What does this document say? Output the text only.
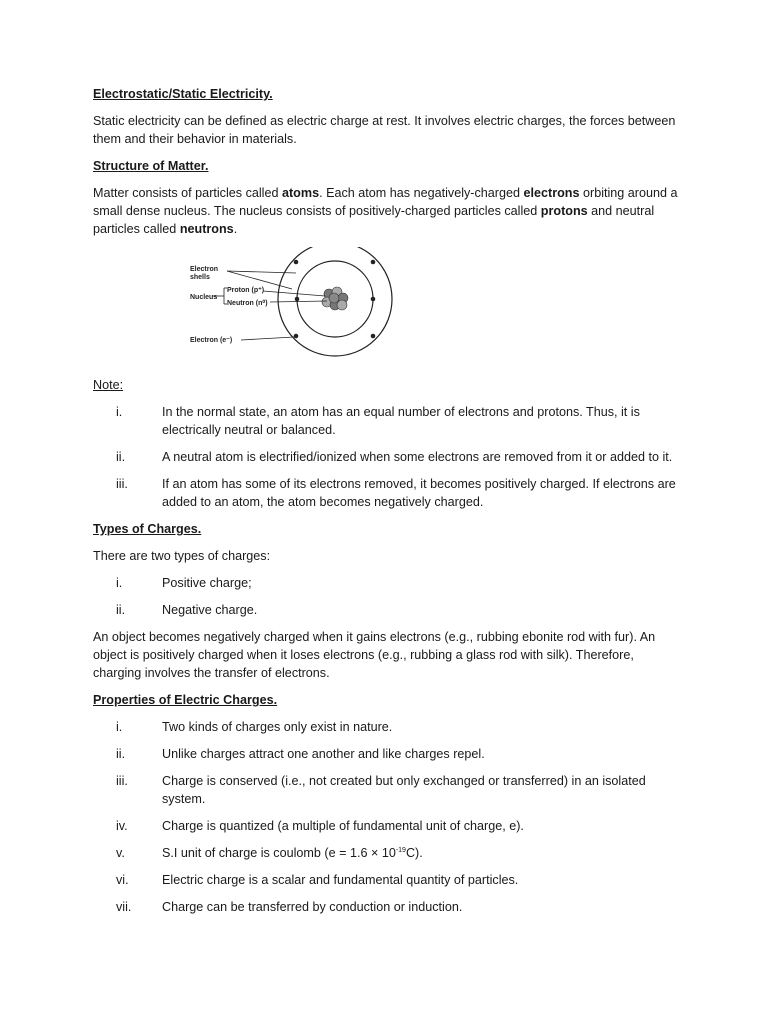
Electrostatic/Static Electricity.
Static electricity can be defined as electric charge at rest. It involves electric charges, the forces between them and their behavior in materials.
Structure of Matter.
Matter consists of particles called atoms. Each atom has negatively-charged electrons orbiting around a small dense nucleus. The nucleus consists of positively-charged particles called protons and neutral particles called neutrons.
Electron
shells
Nucleus
Proton (p⁺)
Neutron (n⁰)
Electron (e⁻)
Note:
i.	In the normal state, an atom has an equal number of electrons and protons. Thus, it is electrically neutral or balanced.
ii.	A neutral atom is electrified/ionized when some electrons are removed from it or added to it.
iii.	If an atom has some of its electrons removed, it becomes positively charged. If electrons are added to an atom, the atom becomes negatively charged.
Types of Charges.
There are two types of charges:
i.	Positive charge;
ii.	Negative charge.
An object becomes negatively charged when it gains electrons (e.g., rubbing ebonite rod with fur). An object is positively charged when it loses electrons (e.g., rubbing a glass rod with silk). Therefore, charging involves the transfer of electrons.
Properties of Electric Charges.
i.	Two kinds of charges only exist in nature.
ii.	Unlike charges attract one another and like charges repel.
iii.	Charge is conserved (i.e., not created but only exchanged or transferred) in an isolated system.
iv.	Charge is quantized (a multiple of fundamental unit of charge, e).
v.	S.I unit of charge is coulomb $(e = 1.6 \times 10^{-19}C)$.
vi.	Electric charge is a scalar and fundamental quantity of particles.
vii.	Charge can be transferred by conduction or induction.
